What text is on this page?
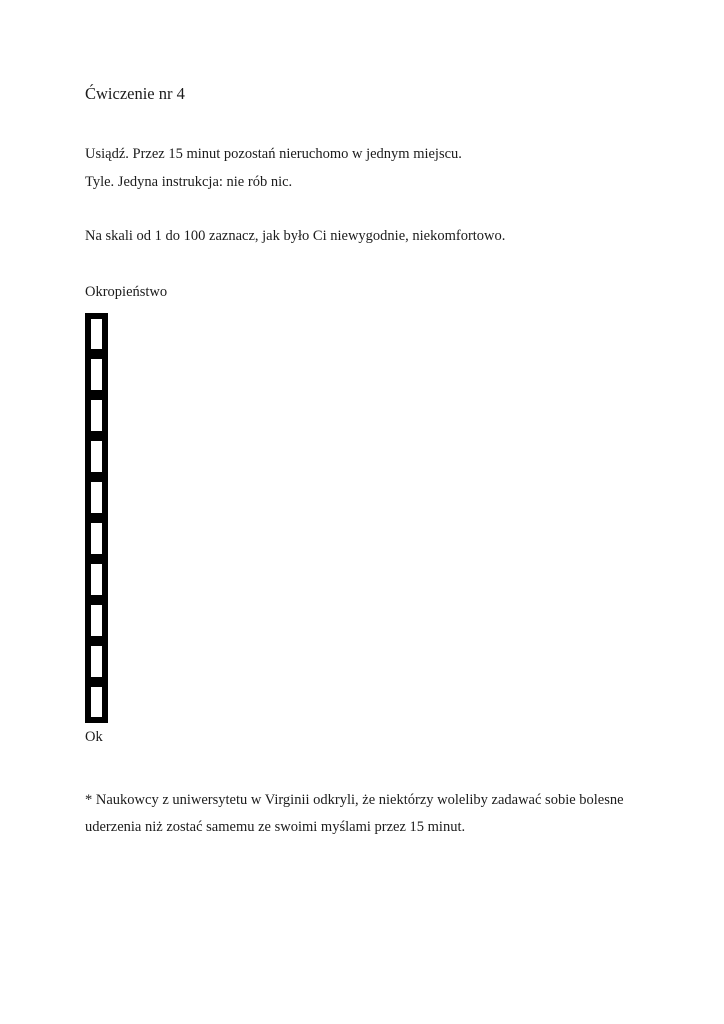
Ćwiczenie nr 4

Usiądź. Przez 15 minut pozostań nieruchomo w jednym miejscu.

Tyle. Jedyna instrukcja: nie rób nic.

Na skali od 1 do 100 zaznacz, jak było Ci niewygodnie, niekomfortowo.

Okropieństwo

Ok

* Naukowcy z uniwersytetu w Virginii odkryli, że niektórzy woleliby zadawać sobie bolesne
uderzenia niż zostać samemu ze swoimi myślami przez 15 minut.
